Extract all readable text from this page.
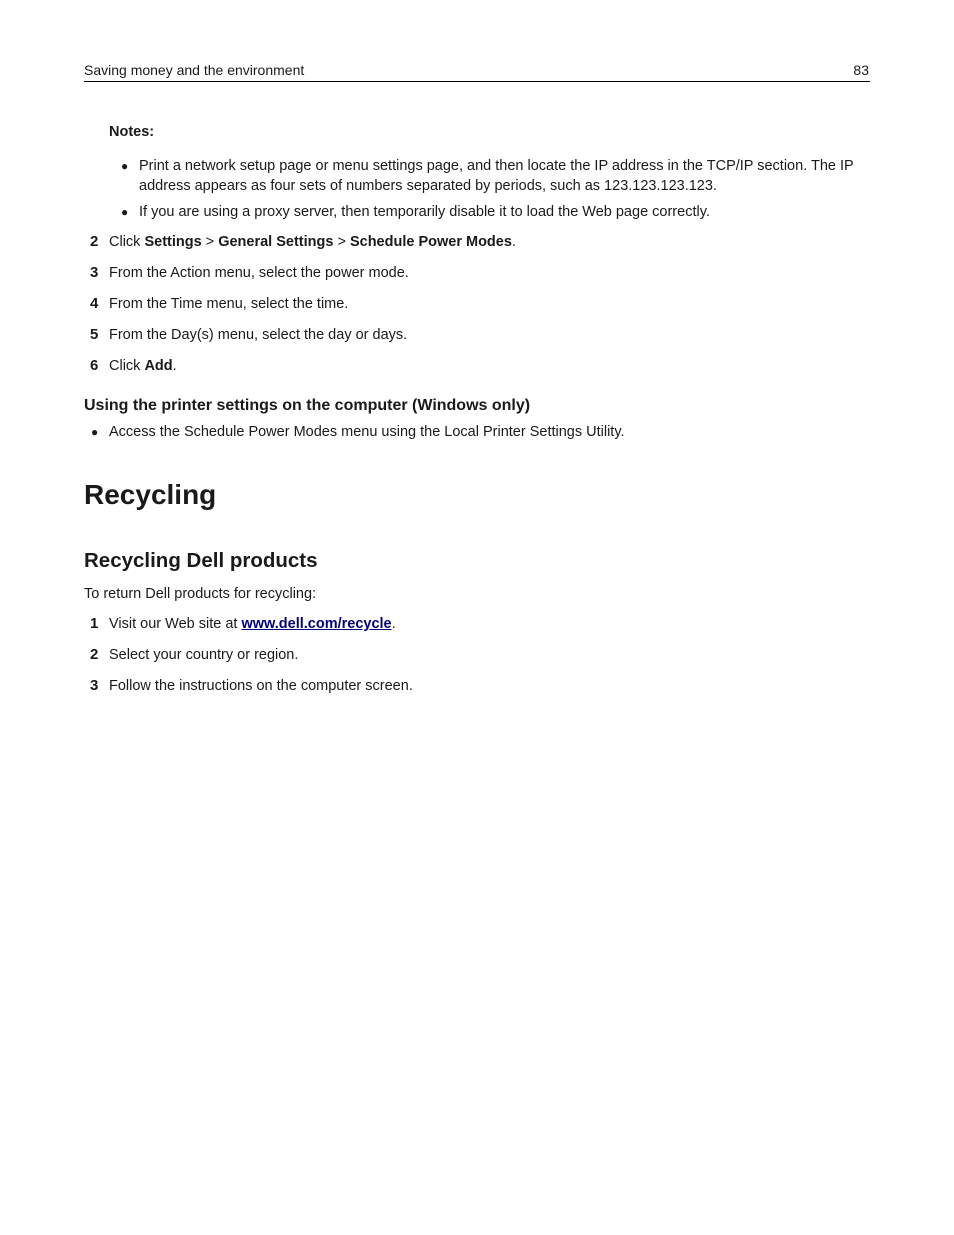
Saving money and the environment	83
Notes:
● Print a network setup page or menu settings page, and then locate the IP address in the TCP/IP section. The IP address appears as four sets of numbers separated by periods, such as 123.123.123.123.
● If you are using a proxy server, then temporarily disable it to load the Web page correctly.
2 Click Settings > General Settings > Schedule Power Modes.
3 From the Action menu, select the power mode.
4 From the Time menu, select the time.
5 From the Day(s) menu, select the day or days.
6 Click Add.
Using the printer settings on the computer (Windows only)
● Access the Schedule Power Modes menu using the Local Printer Settings Utility.
Recycling
Recycling Dell products
To return Dell products for recycling:
1 Visit our Web site at www.dell.com/recycle.
2 Select your country or region.
3 Follow the instructions on the computer screen.
